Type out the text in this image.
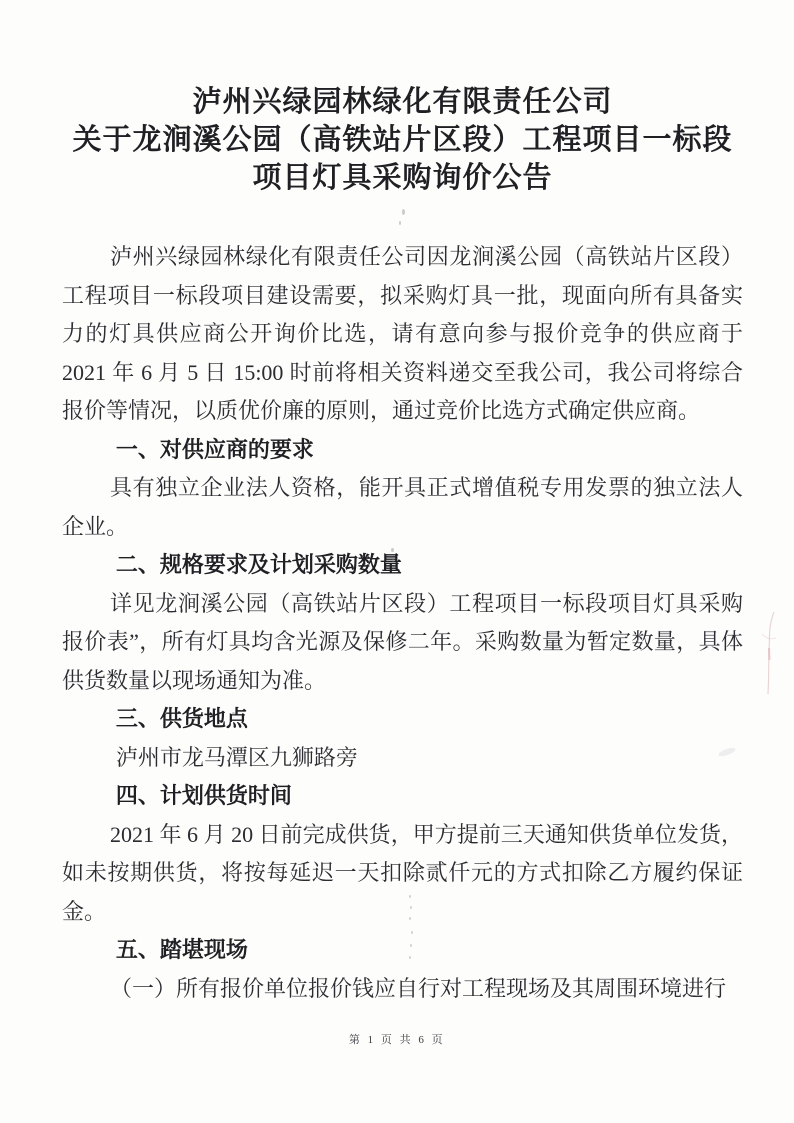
泸州兴绿园林绿化有限责任公司
关于龙涧溪公园（高铁站片区段）工程项目一标段
项目灯具采购询价公告

泸州兴绿园林绿化有限责任公司因龙涧溪公园（高铁站片区段）工程项目一标段项目建设需要，拟采购灯具一批，现面向所有具备实力的灯具供应商公开询价比选，请有意向参与报价竞争的供应商于 2021 年 6 月 5 日 15:00 时前将相关资料递交至我公司，我公司将综合报价等情况，以质优价廉的原则，通过竞价比选方式确定供应商。

一、对供应商的要求

具有独立企业法人资格，能开具正式增值税专用发票的独立法人企业。

二、规格要求及计划采购数量

详见龙涧溪公园（高铁站片区段）工程项目一标段项目灯具采购报价表”，所有灯具均含光源及保修二年。采购数量为暂定数量，具体供货数量以现场通知为准。

三、供货地点

泸州市龙马潭区九狮路旁

四、计划供货时间

2021 年 6 月 20 日前完成供货，甲方提前三天通知供货单位发货，如未按期供货，将按每延迟一天扣除贰仟元的方式扣除乙方履约保证金。

五、踏堪现场

（一）所有报价单位报价钱应自行对工程现场及其周围环境进行

第 1 页 共 6 页
